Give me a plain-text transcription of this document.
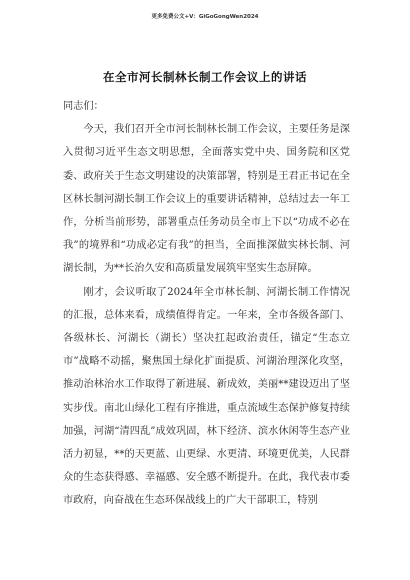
更多免费公文+V：GiGoGongWen2024
在全市河长制林长制工作会议上的讲话

同志们：

今天，我们召开全市河长制林长制工作会议，主要任务是深入贯彻习近平生态文明思想，全面落实党中央、国务院和区党委、政府关于生态文明建设的决策部署，特别是王君正书记在全区林长制河湖长制工作会议上的重要讲话精神，总结过去一年工作，分析当前形势，部署重点任务动员全市上下以“功成不必在我”的境界和“功成必定有我”的担当，全面推深做实林长制、河湖长制，为**长治久安和高质量发展筑牢坚实生态屏障。

刚才，会议听取了2024年全市林长制、河湖长制工作情况的汇报，总体来看，成绩值得肯定。一年来，全市各级各部门、各级林长、河湖长（湖长）坚决扛起政治责任，锚定“生态立市”战略不动摇，聚焦国土绿化扩面提质、河湖治理深化攻坚，推动治林治水工作取得了新进展、新成效，美丽**建设迈出了坚实步伐。南北山绿化工程有序推进，重点流域生态保护修复持续加强，河湖“清四乱”成效巩固，林下经济、滨水休闲等生态产业活力初显，**的天更蓝、山更绿、水更清、环境更优美，人民群众的生态获得感、幸福感、安全感不断提升。在此，我代表市委市政府，向奋战在生态环保战线上的广大干部职工，特别
